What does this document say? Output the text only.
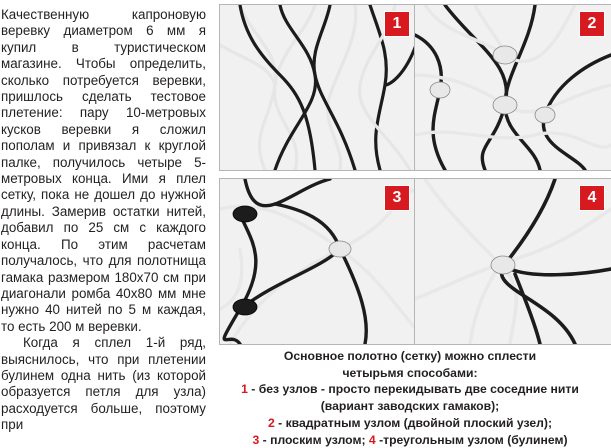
Качественную капроновую веревку диаметром 6 мм я купил в туристическом магазине. Чтобы определить, сколько потребуется веревки, пришлось сделать тестовое плетение: пару 10-метровых кусков веревки я сложил пополам и привязал к круглой палке, получилось четыре 5-метровых конца. Ими я плел сетку, пока не дошел до нужной длины. Замерив остатки нитей, добавил по 25 см с каждого конца. По этим расчетам получалось, что для полотнища гамака размером 180х70 см при диагонали ромба 40х80 мм мне нужно 40 нитей по 5 м каждая, то есть 200 м веревки.

Когда я сплел 1-й ряд, выяснилось, что при плетении булинем одна нить (из которой образуется петля для узла) расходуется больше, поэтому при

1	2
3	4
Основное полотно (сетку) можно сплести
четырьмя способами:
1 - без узлов - просто перекидывать две соседние нити
(вариант заводских гамаков);
2 - квадратным узлом (двойной плоский узел);
3 - плоским узлом; 4 -треугольным узлом (булинем)
